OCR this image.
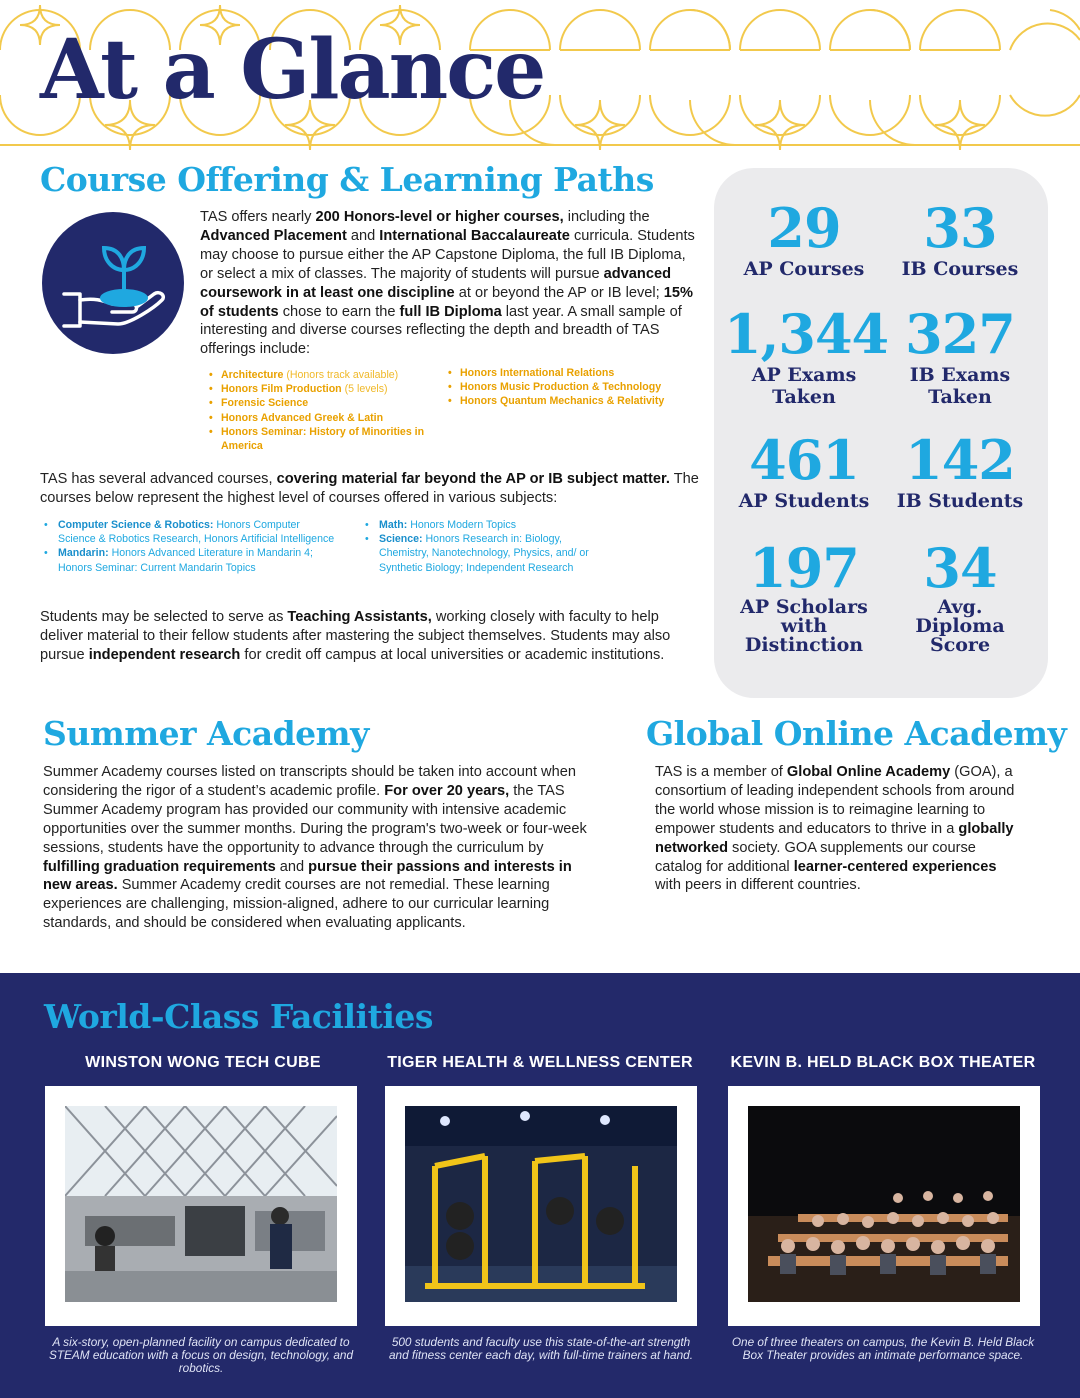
At a Glance
Course Offering & Learning Paths

TAS offers nearly 200 Honors-level or higher courses, including the Advanced Placement and International Baccalaureate curricula. Students may choose to pursue either the AP Capstone Diploma, the full IB Diploma, or select a mix of classes. The majority of students will pursue advanced coursework in at least one discipline at or beyond the AP or IB level; 15% of students chose to earn the full IB Diploma last year. A small sample of interesting and diverse courses reflecting the depth and breadth of TAS offerings include:

• Architecture (Honors track available)
• Honors Film Production (5 levels)
• Forensic Science
• Honors Advanced Greek & Latin
• Honors Seminar: History of Minorities in America
• Honors International Relations
• Honors Music Production & Technology
• Honors Quantum Mechanics & Relativity

TAS has several advanced courses, covering material far beyond the AP or IB subject matter. The courses below represent the highest level of courses offered in various subjects:

• Computer Science & Robotics: Honors Computer Science & Robotics Research, Honors Artificial Intelligence
• Mandarin: Honors Advanced Literature in Mandarin 4; Honors Seminar: Current Mandarin Topics
• Math: Honors Modern Topics
• Science: Honors Research in: Biology, Chemistry, Nanotechnology, Physics, and/ or Synthetic Biology; Independent Research

Students may be selected to serve as Teaching Assistants, working closely with faculty to help deliver material to their fellow students after mastering the subject themselves. Students may also pursue independent research for credit off campus at local universities or academic institutions.

29
AP Courses
33
IB Courses
1,344
AP Exams Taken
327
IB Exams Taken
461
AP Students
142
IB Students
197
AP Scholars with Distinction
34
Avg. Diploma Score
Summer Academy

Summer Academy courses listed on transcripts should be taken into account when considering the rigor of a student’s academic profile. For over 20 years, the TAS Summer Academy program has provided our community with intensive academic opportunities over the summer months. During the program's two-week or four-week sessions, students have the opportunity to advance through the curriculum by fulfilling graduation requirements and pursue their passions and interests in new areas. Summer Academy credit courses are not remedial. These learning experiences are challenging, mission-aligned, adhere to our curricular learning standards, and should be considered when evaluating applicants.

Global Online Academy

TAS is a member of Global Online Academy (GOA), a consortium of leading independent schools from around the world whose mission is to reimagine learning to empower students and educators to thrive in a globally networked society. GOA supplements our course catalog for additional learner-centered experiences with peers in different countries.

World-Class Facilities
WINSTON WONG TECH CUBE	TIGER HEALTH & WELLNESS CENTER	KEVIN B. HELD BLACK BOX THEATER
A six-story, open-planned facility on campus dedicated to STEAM education with a focus on design, technology, and robotics.
500 students and faculty use this state-of-the-art strength and fitness center each day, with full-time trainers at hand.
One of three theaters on campus, the Kevin B. Held Black Box Theater provides an intimate performance space.
